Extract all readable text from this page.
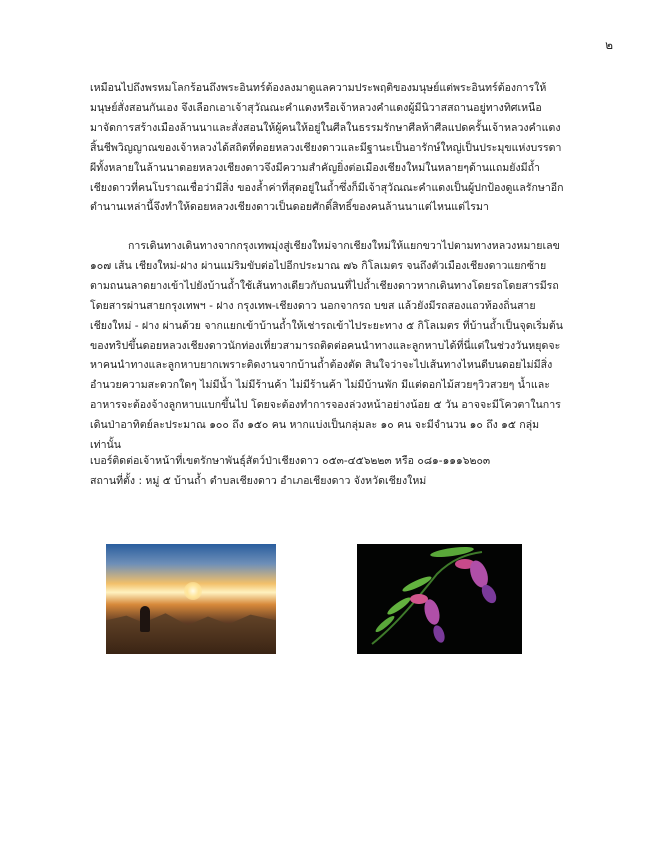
๒
เหมือนไปถึงพรหมโลกร้อนถึงพระอินทร์ต้องลงมาดูแลความประพฤติของมนุษย์แต่พระอินทร์ต้องการให้
มนุษย์สั่งสอนกันเอง จึงเลือกเอาเจ้าสุวัณณะคำแดงหรือเจ้าหลวงคำแดงผู้มีนิวาสสถานอยู่ทางทิศเหนือ
มาจัดการสร้างเมืองล้านนาและสั่งสอนให้ผู้คนให้อยู่ในศีลในธรรมรักษาศีลห้าศีลแปดครั้นเจ้าหลวงคำแดง
สิ้นชีพวิญญาณของเจ้าหลวงได้สถิตที่ดอยหลวงเชียงดาวและมีฐานะเป็นอารักษ์ใหญ่เป็นประมุขแห่งบรรดา
ผีทั้งหลายในล้านนาดอยหลวงเชียงดาวจึงมีความสำคัญยิ่งต่อเมืองเชียงใหม่ในหลายๆด้านแถมยังมีถ้ำ
เชียงดาวที่คนโบราณเชื่อว่ามีสิ่ง ของล้ำค่าที่สุดอยู่ในถ้ำซึ่งก็มีเจ้าสุวัณณะคำแดงเป็นผู้ปกป้องดูแลรักษาอีก
ตำนานเหล่านี้จึงทำให้ดอยหลวงเชียงดาวเป็นดอยศักดิ์สิทธิ์ของคนล้านนาแต่ไหนแต่ไรมา
การเดินทางเดินทางจากกรุงเทพมุ่งสู่เชียงใหม่จากเชียงใหม่ให้แยกขวาไปตามทางหลวงหมายเลข
๑๐๗ เส้น เชียงใหม่-ฝาง ผ่านแม่ริมขับต่อไปอีกประมาณ ๗๖ กิโลเมตร จนถึงตัวเมืองเชียงดาวแยกซ้าย
ตามถนนลาดยางเข้าไปยังบ้านถ้ำใช้เส้นทางเดียวกับถนนที่ไปถ้ำเชียงดาวหากเดินทางโดยรถโดยสารมีรถ
โดยสารผ่านสายกรุงเทพฯ - ฝาง กรุงเทพ-เชียงดาว นอกจากรถ บขส แล้วยังมีรถสองแถวท้องถิ่นสาย
เชียงใหม่ - ฝาง ผ่านด้วย จากแยกเข้าบ้านถ้ำให้เช่ารถเข้าไประยะทาง ๕ กิโลเมตร ที่บ้านถ้ำเป็นจุดเริ่มต้น
ของทริปขึ้นดอยหลวงเชียงดาวนักท่องเที่ยวสามารถติดต่อคนนำทางและลูกหาบได้ที่นี่แต่ในช่วงวันหยุดจะ
หาคนนำทางและลูกหาบยากเพราะติดงานจากบ้านถ้ำต้องตัด สินใจว่าจะไปเส้นทางไหนดีบนดอยไม่มีสิ่ง
อำนวยความสะดวกใดๆ ไม่มีน้ำ ไม่มีร้านค้า ไม่มีร้านค้า ไม่มีบ้านพัก มีแต่ดอกไม้สวยๆวิวสวยๆ น้ำและ
อาหารจะต้องจ้างลูกหาบแบกขึ้นไป โดยจะต้องทำการจองล่วงหน้าอย่างน้อย ๕ วัน อาจจะมีโควตาในการ
เดินป่าอาทิตย์ละประมาณ ๑๐๐ ถึง ๑๕๐ คน หากแบ่งเป็นกลุ่มละ ๑๐ คน จะมีจำนวน ๑๐ ถึง ๑๕ กลุ่ม
เท่านั้น
เบอร์ติดต่อเจ้าหน้าที่เขตรักษาพันธุ์สัตว์ป่าเชียงดาว ๐๕๓-๔๕๖๒๒๓ หรือ ๐๘๑-๑๑๑๖๒๐๓
สถานที่ตั้ง : หมู่ ๕ บ้านถ้ำ ตำบลเชียงดาว อำเภอเชียงดาว จังหวัดเชียงใหม่
